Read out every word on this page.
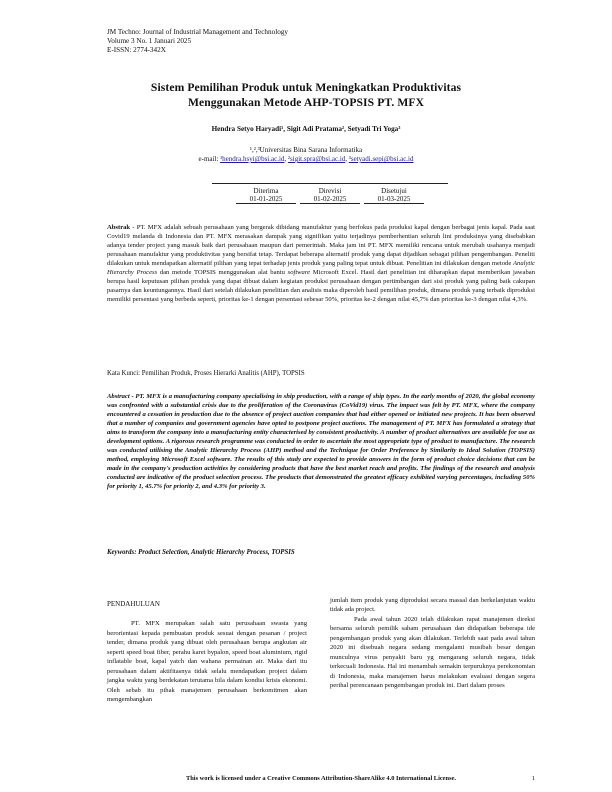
JM Techno: Journal of Industrial Management and Technology
Volume 3 No. 1 Januari 2025
E-ISSN: 2774-342X
Sistem Pemilihan Produk untuk Meningkatkan Produktivitas
Menggunakan Metode AHP-TOPSIS PT. MFX
Hendra Setyo Haryadi¹, Sigit Adi Pratama², Setyadi Tri Yoga³
¹,²,³Universitas Bina Sarana Informatika
e-mail: ¹hendra.hsyi@bsi.ac.id, ²sigit.spra@bsi.ac.id, ³setyadi.sepi@bsi.ac.id
Diterima	Direvisi	Disetujui
01-01-2025	01-02-2025	01-03-2025

Abstrak - PT. MFX adalah sebuah perusahaan yang bergerak dibidang manufaktur yang berfokus pada produksi kapal dengan berbagai jenis kapal. Pada saat Covid19 melanda di Indonesia dan PT. MFX merasakan dampak yang signifikan yaitu terjadinya pemberhentian seluruh lini produksinya yang disebabkan adanya tender project yang masuk baik dari perusahaan maupun dari pemerintah. Maka jam ini PT. MFX memiliki rencana untuk merubah usahanya menjadi perusahaan manufaktur yang produktivitas yang bersifat tetap. Terdapat beberapa alternatif produk yang dapat dijadikan sebagai pilihan pengembangan. Peneliti dilakukan untuk mendapatkan alternatif pilihan yang tepat terhadap jenis produk yang paling tepat untuk dibuat. Penelitian ini dilakukan dengan metode Analytic Hierarchy Process dan metode TOPSIS menggunakan alat bantu software Microsoft Excel. Hasil dari penelitian ini diharapkan dapat memberikan jawaban berupa hasil keputusan pilihan produk yang dapat dibuat dalam kegiatan produksi perusahaan dengan pertimbangan dari sisi produk yang paling baik cakupan pasarnya dan keuntungannya. Hasil dari setelah dilakukan penelitian dan analisis maka diperoleh hasil pemilihan produk, dimana produk yang terbaik diproduksi memiliki persentasi yang berbeda seperti, prioritas ke-1 dengan persentasi sebesar 50%, prioritas ke-2 dengan nilai 45,7% dan prioritas ke-3 dengan nilai 4,3%.

Kata Kunci: Pemilihan Produk, Proses Hierarki Analitis (AHP), TOPSIS
Abstract - PT. MFX is a manufacturing company specialising in ship production, with a range of ship types. In the early months of 2020, the global economy was confronted with a substantial crisis due to the proliferation of the Coronavirus (CoVid19) virus. The impact was felt by PT. MFX, where the company encountered a cessation in production due to the absence of project auction companies that had either opened or initiated new projects. It has been observed that a number of companies and government agencies have opted to postpone project auctions. The management of PT. MFX has formulated a strategy that aims to transform the company into a manufacturing entity characterised by consistent productivity. A number of product alternatives are available for use as development options. A rigorous research programme was conducted in order to ascertain the most appropriate type of product to manufacture. The research was conducted utilising the Analytic Hierarchy Process (AHP) method and the Technique for Order Preference by Similarity to Ideal Solution (TOPSIS) method, employing Microsoft Excel software. The results of this study are expected to provide answers in the form of product choice decisions that can be made in the company's production activities by considering products that have the best market reach and profits. The findings of the research and analysis conducted are indicative of the product selection process. The products that demonstrated the greatest efficacy exhibited varying percentages, including 50% for priority 1, 45.7% for priority 2, and 4.3% for priority 3.
Keywords: Product Selection, Analytic Hierarchy Process, TOPSIS
PENDAHULUAN

PT. MFX merupakan salah satu perusahaan swasta yang berorientasi kepada pembuatan produk sesuai dengan pesanan / project tender, dimana produk yang dibuat oleh perusahaan berupa angkutan air seperti speed boat fiber, perahu karet bypalon, speed boat aluminium, rigid inflatable boat, kapal yatch dan wahana permainan air. Maka dari itu perusahaan dalam aktifitasnya tidak selalu mendapatkan project dalam jangka waktu yang berdekatan terutama bila dalam kondisi krisis ekonomi. Oleh sebab itu pihak manajemen perusahaan berkomitmen akan mengembangkan

jumlah item produk yang diproduksi secara massal dan berkelanjutan waktu tidak ada project.

Pada awal tahun 2020 telah dilakukan rapat manajemen direksi bersama seluruh pemilik saham perusahaan dan didapatkan beberapa ide pengembangan produk yang akan dilakukan. Terlebih saat pada awal tahun 2020 ini disebuah negara sedang mengalami musibah besar dengan munculnya virus penyakit baru yg mengarang seluruh negara, tidak terkecuali Indonesia. Hal ini menambah semakin terpuruknya perekonomian di Indonesia, maka manajemen harus melakukan evaluasi dengan segera perihal perencanaan pengembangan produk ini. Dari dalam proses

This work is licensed under a Creative Commons Attribution-ShareAlike 4.0 International License.	1
